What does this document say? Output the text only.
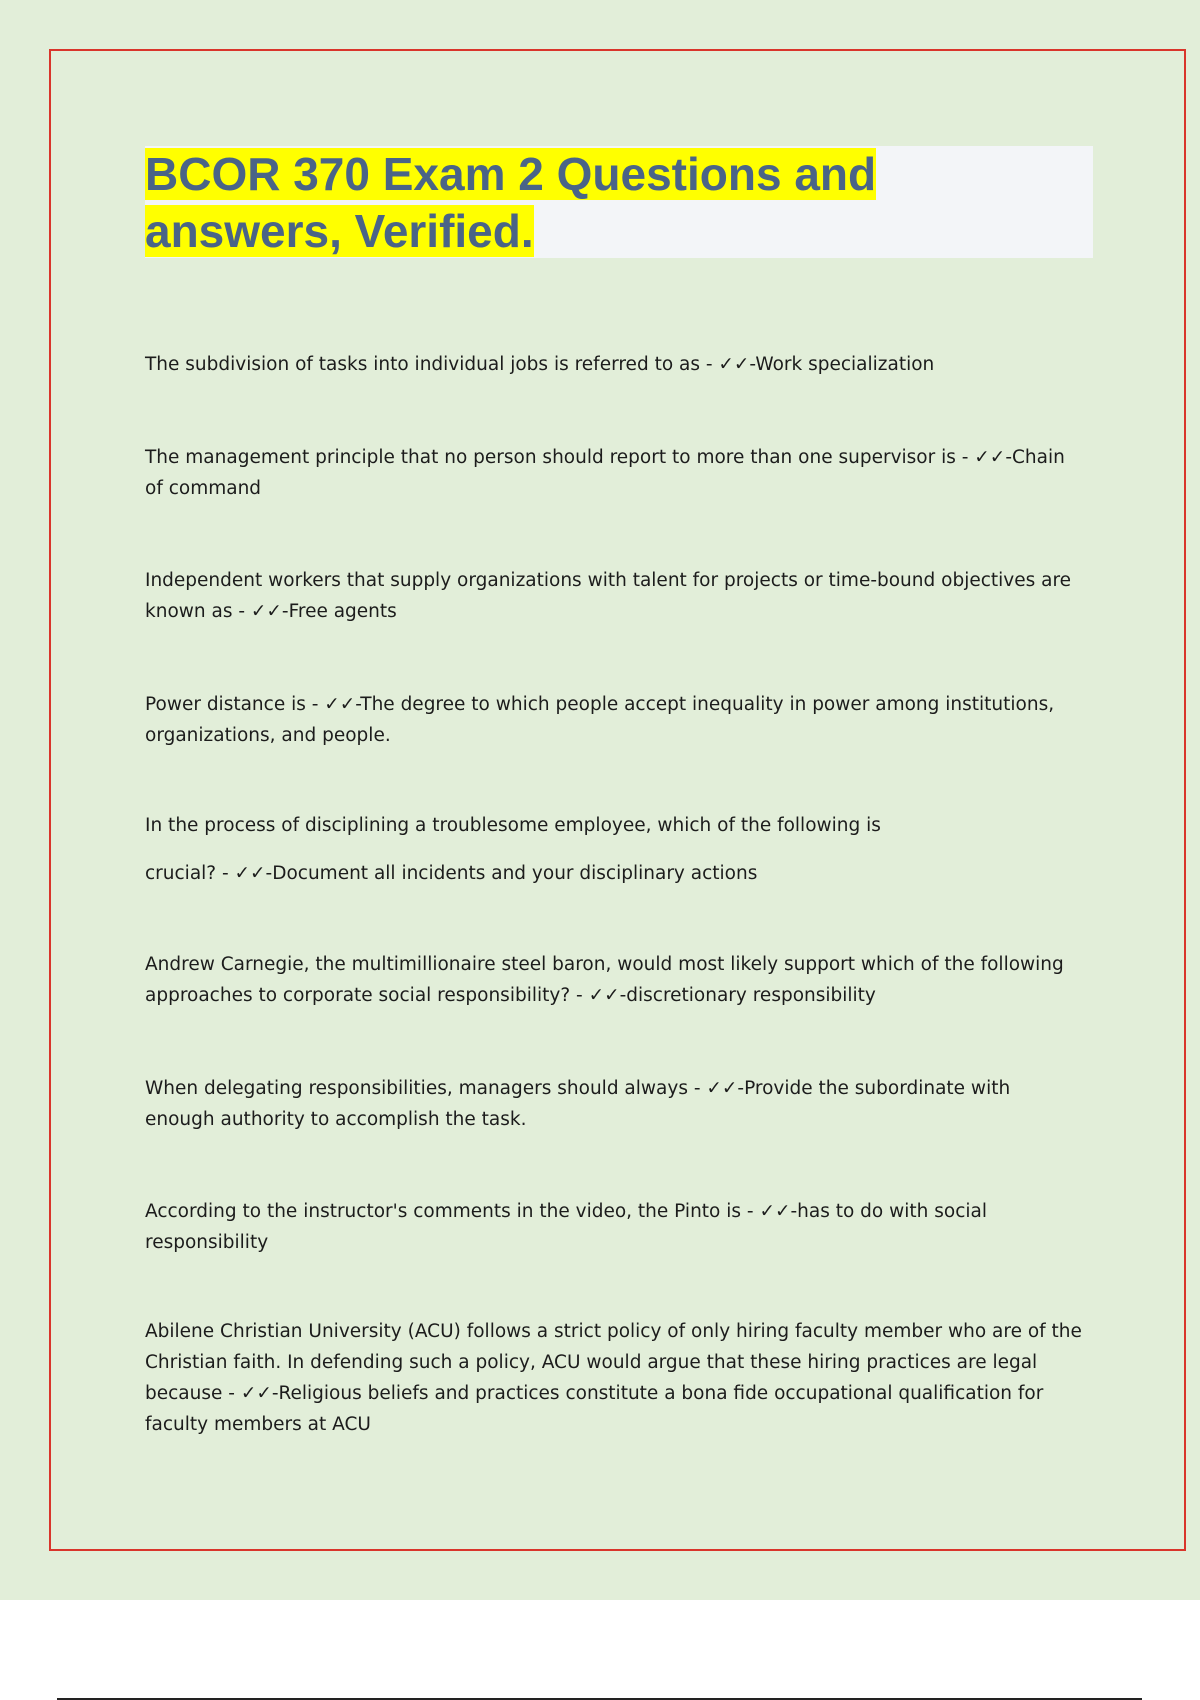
BCOR 370 Exam 2 Questions and
answers, Verified.

The subdivision of tasks into individual jobs is referred to as - ✓✓-Work specialization

The management principle that no person should report to more than one supervisor is - ✓✓-Chain of command

Independent workers that supply organizations with talent for projects or time-bound objectives are known as - ✓✓-Free agents

Power distance is - ✓✓-The degree to which people accept inequality in power among institutions, organizations, and people.

In the process of disciplining a troublesome employee, which of the following is
crucial? - ✓✓-Document all incidents and your disciplinary actions

Andrew Carnegie, the multimillionaire steel baron, would most likely support which of the following approaches to corporate social responsibility? - ✓✓-discretionary responsibility

When delegating responsibilities, managers should always - ✓✓-Provide the subordinate with enough authority to accomplish the task.

According to the instructor's comments in the video, the Pinto is - ✓✓-has to do with social responsibility

Abilene Christian University (ACU) follows a strict policy of only hiring faculty member who are of the Christian faith. In defending such a policy, ACU would argue that these hiring practices are legal because - ✓✓-Religious beliefs and practices constitute a bona fide occupational qualification for faculty members at ACU
